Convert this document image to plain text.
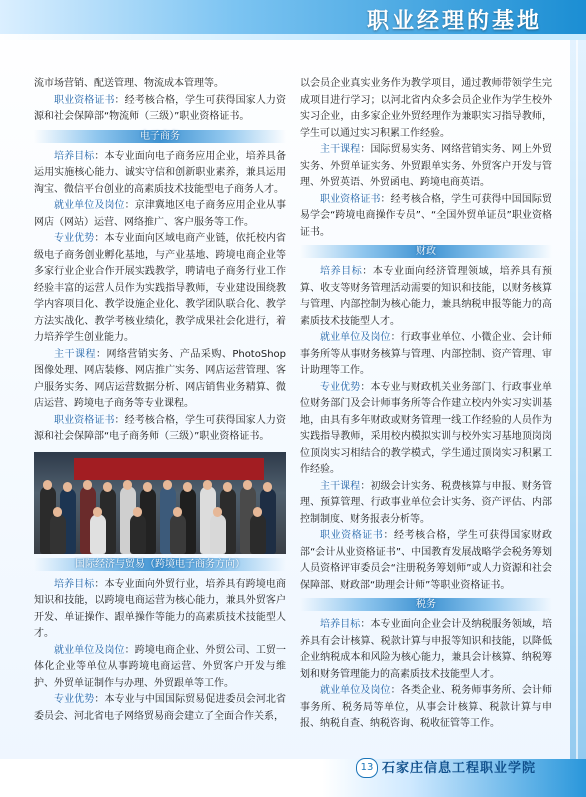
职业经理的基地

流市场营销、配送管理、物流成本管理等。

职业资格证书：经考核合格，学生可获得国家人力资源和社会保障部“物流师（三级）”职业资格证书。

电子商务

培养目标：本专业面向电子商务应用企业，培养具备运用实施核心能力、诚实守信和创新职业素养，兼具运用淘宝、微信平台创业的高素质技术技能型电子商务人才。

就业单位及岗位：京津冀地区电子商务应用企业从事网店（网站）运营、网络推广、客户服务等工作。

专业优势：本专业面向区域电商产业链，依托校内省级电子商务创业孵化基地，与产业基地、跨境电商企业等多家行业企业合作开展实践教学，聘请电子商务行业工作经验丰富的运营人员作为实践指导教师，专业建设围绕教学内容项目化、教学设施企业化、教学团队联合化、教学方法实战化、教学考核业绩化，教学成果社会化进行，着力培养学生创业能力。

主干课程：网络营销实务、产品采购、PhotoShop图像处理、网店装修、网店推广实务、网店运营管理、客户服务实务、网店运营数据分析、网店销售业务精算、微店运营、跨境电子商务等专业课程。

职业资格证书：经考核合格，学生可获得国家人力资源和社会保障部“电子商务师（三级）”职业资格证书。

国际经济与贸易（跨境电子商务方向）

培养目标：本专业面向外贸行业，培养具有跨境电商知识和技能，以跨境电商运营为核心能力，兼具外贸客户开发、单证操作、跟单操作等能力的高素质技术技能型人才。

就业单位及岗位：跨境电商企业、外贸公司、工贸一体化企业等单位从事跨境电商运营、外贸客户开发与维护、外贸单证制作与办理、外贸跟单等工作。

专业优势：本专业与中国国际贸易促进委员会河北省委员会、河北省电子网络贸易商会建立了全面合作关系，

以会员企业真实业务作为教学项目，通过教师带领学生完成项目进行学习；以河北省内众多会员企业作为学生校外实习企业，由多家企业外贸经理作为兼职实习指导教师，学生可以通过实习积累工作经验。

主干课程：国际贸易实务、网络营销实务、网上外贸实务、外贸单证实务、外贸跟单实务、外贸客户开发与管理、外贸英语、外贸函电、跨境电商英语。

职业资格证书：经考核合格，学生可获得中国国际贸易学会“跨境电商操作专员”、“全国外贸单证员”职业资格证书。

财政

培养目标：本专业面向经济管理领域，培养具有预算、收支等财务管理活动需要的知识和技能，以财务核算与管理、内部控制为核心能力，兼具纳税申报等能力的高素质技术技能型人才。

就业单位及岗位：行政事业单位、小微企业、会计师事务所等从事财务核算与管理、内部控制、资产管理、审计助理等工作。

专业优势：本专业与财政机关业务部门、行政事业单位财务部门及会计师事务所等合作建立校内外实习实训基地，由具有多年财政或财务管理一线工作经验的人员作为实践指导教师，采用校内模拟实训与校外实习基地顶岗岗位顶岗实习相结合的教学模式，学生通过顶岗实习积累工作经验。

主干课程：初级会计实务、税费核算与申报、财务管理、预算管理、行政事业单位会计实务、资产评估、内部控制制度、财务报表分析等。

职业资格证书：经考核合格，学生可获得国家财政部“会计从业资格证书”、中国教育发展战略学会税务筹划人员资格评审委员会“注册税务筹划师”或人力资源和社会保障部、财政部“助理会计师”等职业资格证书。

税务

培养目标：本专业面向企业会计及纳税服务领域，培养具有会计核算、税款计算与申报等知识和技能，以降低企业纳税成本和风险为核心能力，兼具会计核算、纳税筹划和财务管理能力的高素质技术技能型人才。

就业单位及岗位：各类企业、税务师事务所、会计师事务所、税务局等单位，从事会计核算、税款计算与申报、纳税自查、纳税咨询、税收征管等工作。

13 石家庄信息工程职业学院
